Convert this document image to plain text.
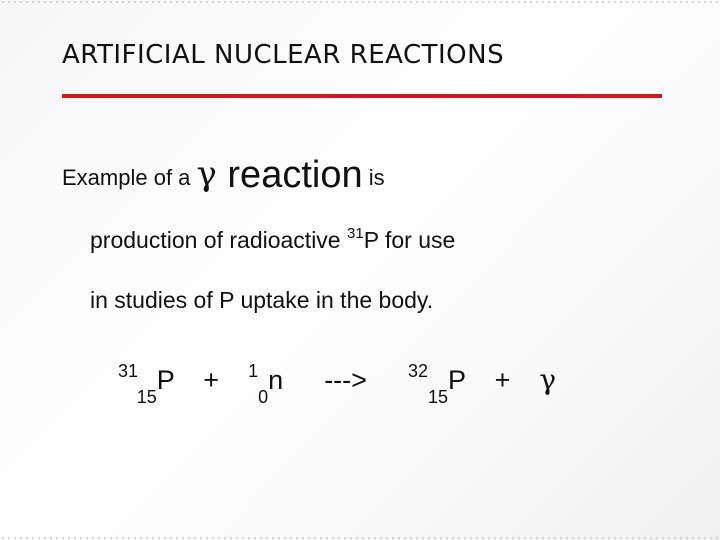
ARTIFICIAL NUCLEAR REACTIONS

Example of a γ reaction is

production of radioactive $^{31}$P for use

in studies of P uptake in the body.

$^{31}_{15}$P + $^1_0$n ---> $^{32}_{15}$P + γ
